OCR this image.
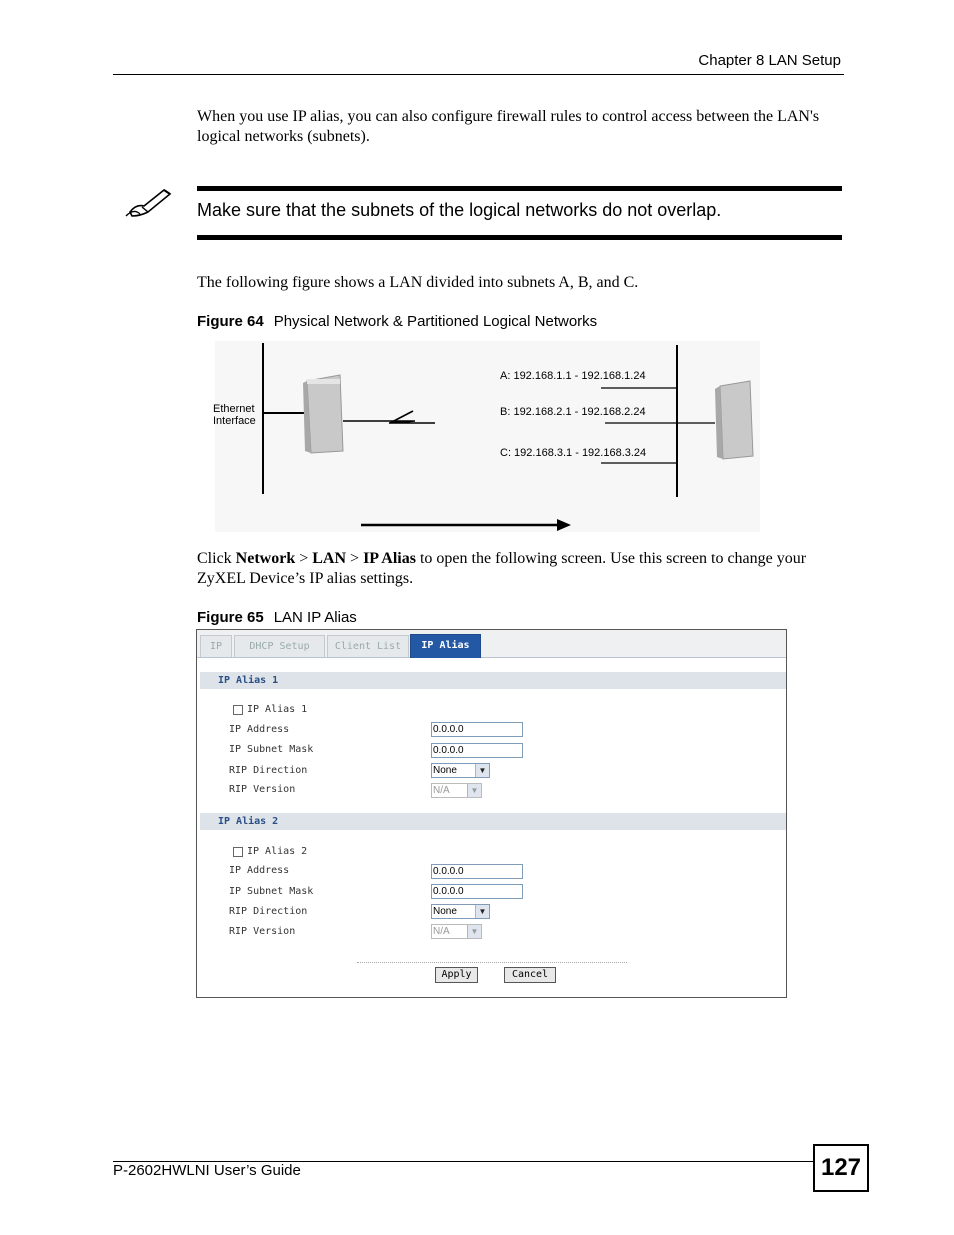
Chapter 8 LAN Setup
When you use IP alias, you can also configure firewall rules to control access between the LAN's logical networks (subnets).
Make sure that the subnets of the logical networks do not overlap.
The following figure shows a LAN divided into subnets A, B, and C.
Figure 64 Physical Network & Partitioned Logical Networks
Ethernet
Interface
A: 192.168.1.1 - 192.168.1.24
B: 192.168.2.1 - 192.168.2.24
C: 192.168.3.1 - 192.168.3.24
Click Network > LAN > IP Alias to open the following screen. Use this screen to change your ZyXEL Device’s IP alias settings.
Figure 65 LAN IP Alias
IP	DHCP Setup	Client List	IP Alias
IP Alias 1
IP Alias 1
IP Address	0.0.0.0
IP Subnet Mask	0.0.0.0
RIP Direction	None	▼
RIP Version	N/A	▼
IP Alias 2
IP Alias 2
IP Address	0.0.0.0
IP Subnet Mask	0.0.0.0
RIP Direction	None	▼
RIP Version	N/A	▼
Apply	Cancel
P-2602HWLNI User’s Guide	127
